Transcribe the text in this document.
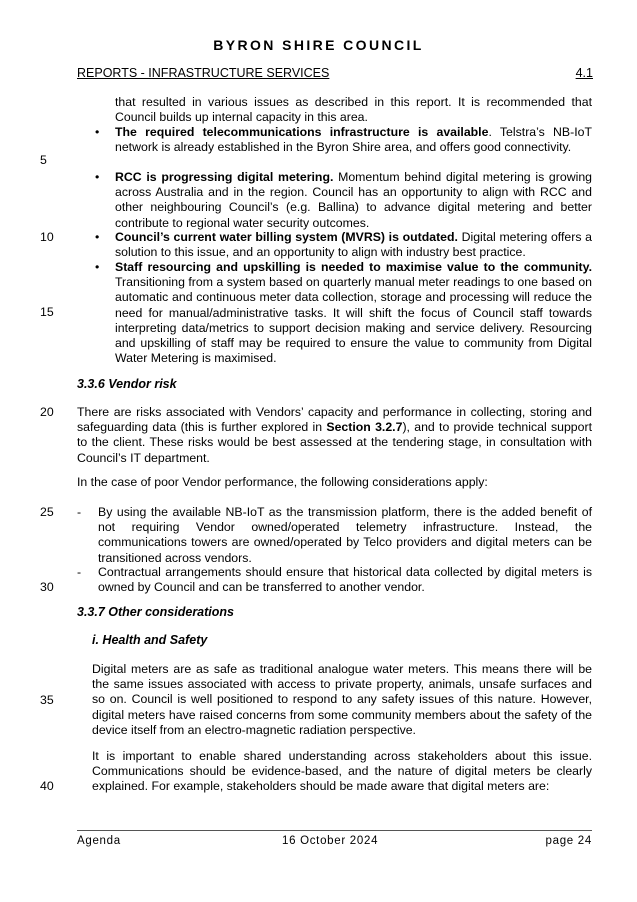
BYRON SHIRE COUNCIL
REPORTS - INFRASTRUCTURE SERVICES	4.1
5
10
15
20
25
30
35
40
that resulted in various issues as described in this report. It is recommended that Council builds up internal capacity in this area.
• The required telecommunications infrastructure is available. Telstra’s NB-IoT network is already established in the Byron Shire area, and offers good connectivity.
• RCC is progressing digital metering. Momentum behind digital metering is growing across Australia and in the region. Council has an opportunity to align with RCC and other neighbouring Council’s (e.g. Ballina) to advance digital metering and better contribute to regional water security outcomes.
• Council’s current water billing system (MVRS) is outdated. Digital metering offers a solution to this issue, and an opportunity to align with industry best practice.
• Staff resourcing and upskilling is needed to maximise value to the community. Transitioning from a system based on quarterly manual meter readings to one based on automatic and continuous meter data collection, storage and processing will reduce the need for manual/administrative tasks. It will shift the focus of Council staff towards interpreting data/metrics to support decision making and service delivery. Resourcing and upskilling of staff may be required to ensure the value to community from Digital Water Metering is maximised.
3.3.6 Vendor risk
There are risks associated with Vendors’ capacity and performance in collecting, storing and safeguarding data (this is further explored in Section 3.2.7), and to provide technical support to the client. These risks would be best assessed at the tendering stage, in consultation with Council’s IT department.
In the case of poor Vendor performance, the following considerations apply:
- By using the available NB-IoT as the transmission platform, there is the added benefit of not requiring Vendor owned/operated telemetry infrastructure. Instead, the communications towers are owned/operated by Telco providers and digital meters can be transitioned across vendors.
- Contractual arrangements should ensure that historical data collected by digital meters is owned by Council and can be transferred to another vendor.
3.3.7 Other considerations
i. Health and Safety
Digital meters are as safe as traditional analogue water meters. This means there will be the same issues associated with access to private property, animals, unsafe surfaces and so on. Council is well positioned to respond to any safety issues of this nature. However, digital meters have raised concerns from some community members about the safety of the device itself from an electro-magnetic radiation perspective.
It is important to enable shared understanding across stakeholders about this issue. Communications should be evidence-based, and the nature of digital meters be clearly explained. For example, stakeholders should be made aware that digital meters are:
Agenda	16 October 2024	page 24
